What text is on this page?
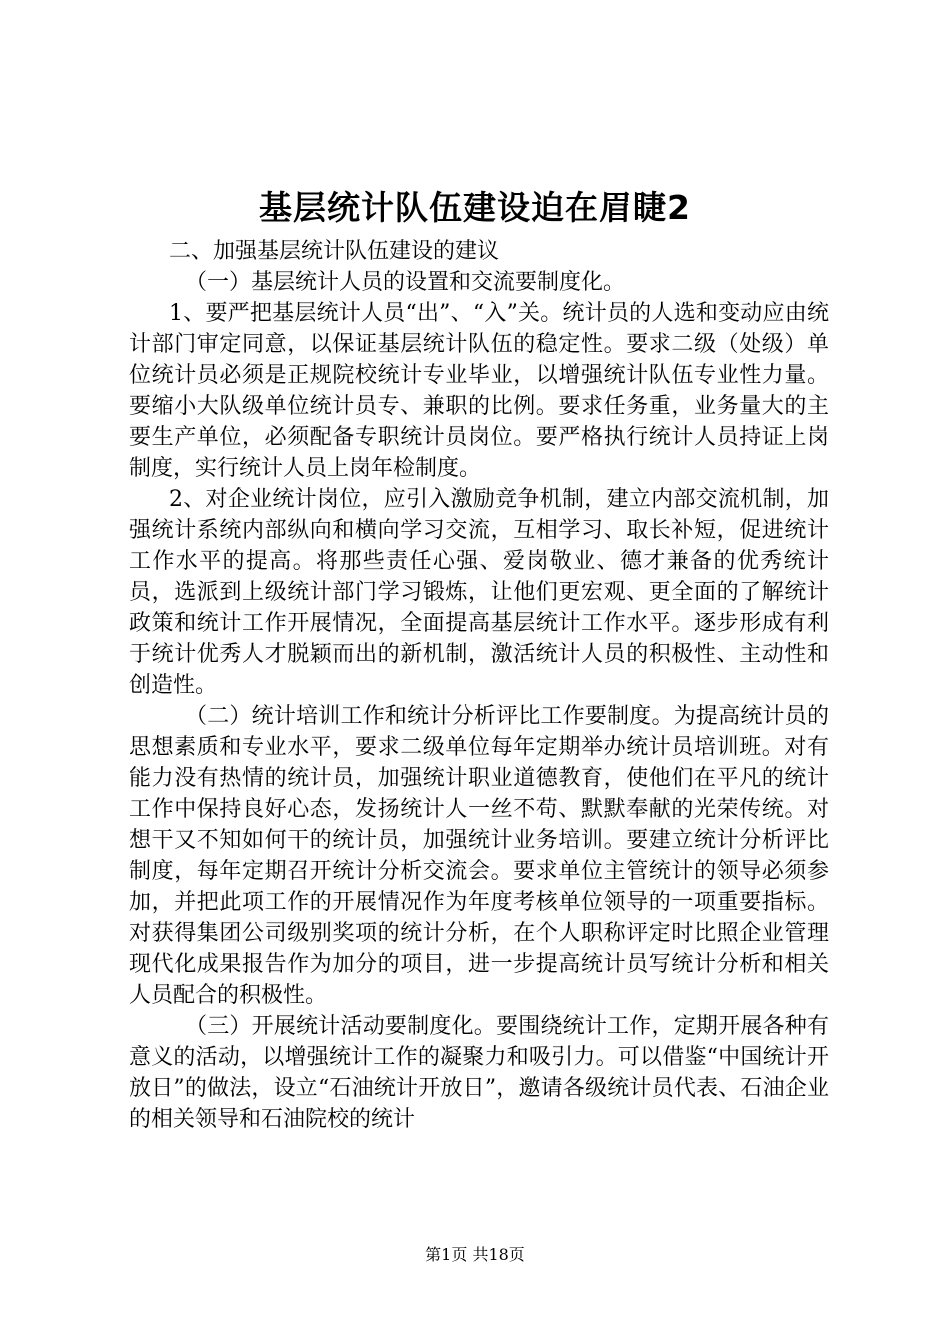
基层统计队伍建设迫在眉睫2

二、加强基层统计队伍建设的建议

（一）基层统计人员的设置和交流要制度化。

1、要严把基层统计人员“出”、“入”关。统计员的人选和变动应由统计部门审定同意，以保证基层统计队伍的稳定性。要求二级（处级）单位统计员必须是正规院校统计专业毕业，以增强统计队伍专业性力量。要缩小大队级单位统计员专、兼职的比例。要求任务重，业务量大的主要生产单位，必须配备专职统计员岗位。要严格执行统计人员持证上岗制度，实行统计人员上岗年检制度。

2、对企业统计岗位，应引入激励竞争机制，建立内部交流机制，加强统计系统内部纵向和横向学习交流，互相学习、取长补短，促进统计工作水平的提高。将那些责任心强、爱岗敬业、德才兼备的优秀统计员，选派到上级统计部门学习锻炼，让他们更宏观、更全面的了解统计政策和统计工作开展情况，全面提高基层统计工作水平。逐步形成有利于统计优秀人才脱颖而出的新机制，激活统计人员的积极性、主动性和创造性。

（二）统计培训工作和统计分析评比工作要制度。为提高统计员的思想素质和专业水平，要求二级单位每年定期举办统计员培训班。对有能力没有热情的统计员，加强统计职业道德教育，使他们在平凡的统计工作中保持良好心态，发扬统计人一丝不苟、默默奉献的光荣传统。对想干又不知如何干的统计员，加强统计业务培训。要建立统计分析评比制度，每年定期召开统计分析交流会。要求单位主管统计的领导必须参加，并把此项工作的开展情况作为年度考核单位领导的一项重要指标。对获得集团公司级别奖项的统计分析，在个人职称评定时比照企业管理现代化成果报告作为加分的项目，进一步提高统计员写统计分析和相关人员配合的积极性。

（三）开展统计活动要制度化。要围绕统计工作，定期开展各种有意义的活动，以增强统计工作的凝聚力和吸引力。可以借鉴“中国统计开放日”的做法，设立“石油统计开放日”，邀请各级统计员代表、石油企业的相关领导和石油院校的统计

第1页 共18页
